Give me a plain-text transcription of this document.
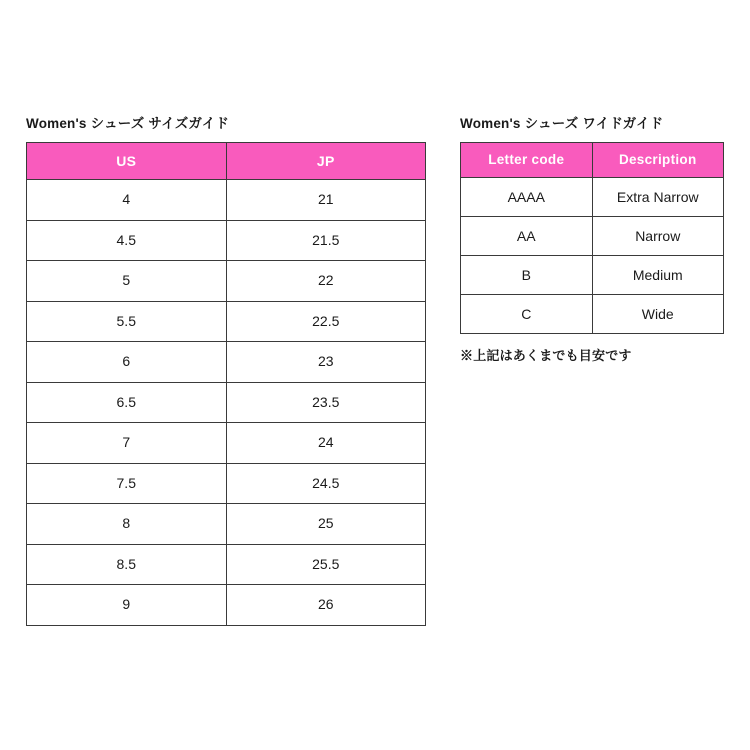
Women's シューズ サイズガイド
US	JP
4	21
4.5	21.5
5	22
5.5	22.5
6	23
6.5	23.5
7	24
7.5	24.5
8	25
8.5	25.5
9	26
Women's シューズ ワイドガイド
Letter code	Description
AAAA	Extra Narrow
AA	Narrow
B	Medium
C	Wide
※上記はあくまでも目安です
